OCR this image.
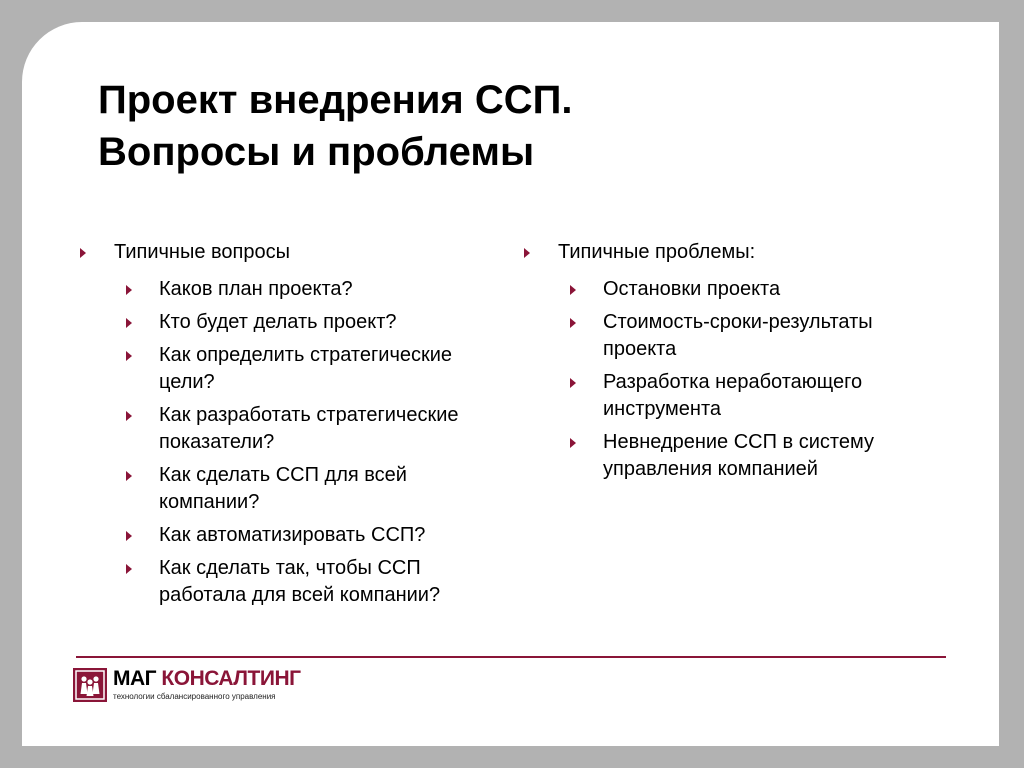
Проект внедрения ССП.
Вопросы и проблемы
Типичные вопросы
Каков план проекта?
Кто будет делать проект?
Как определить стратегические
цели?
Как разработать стратегические
показатели?
Как сделать ССП для всей
компании?
Как автоматизировать ССП?
Как сделать так, чтобы ССП
работала для всей компании?
Типичные проблемы:
Остановки проекта
Стоимость-сроки-результаты
проекта
Разработка неработающего
инструмента
Невнедрение ССП в систему
управления компанией
МАГ КОНСАЛТИНГ
технологии сбалансированного управления
